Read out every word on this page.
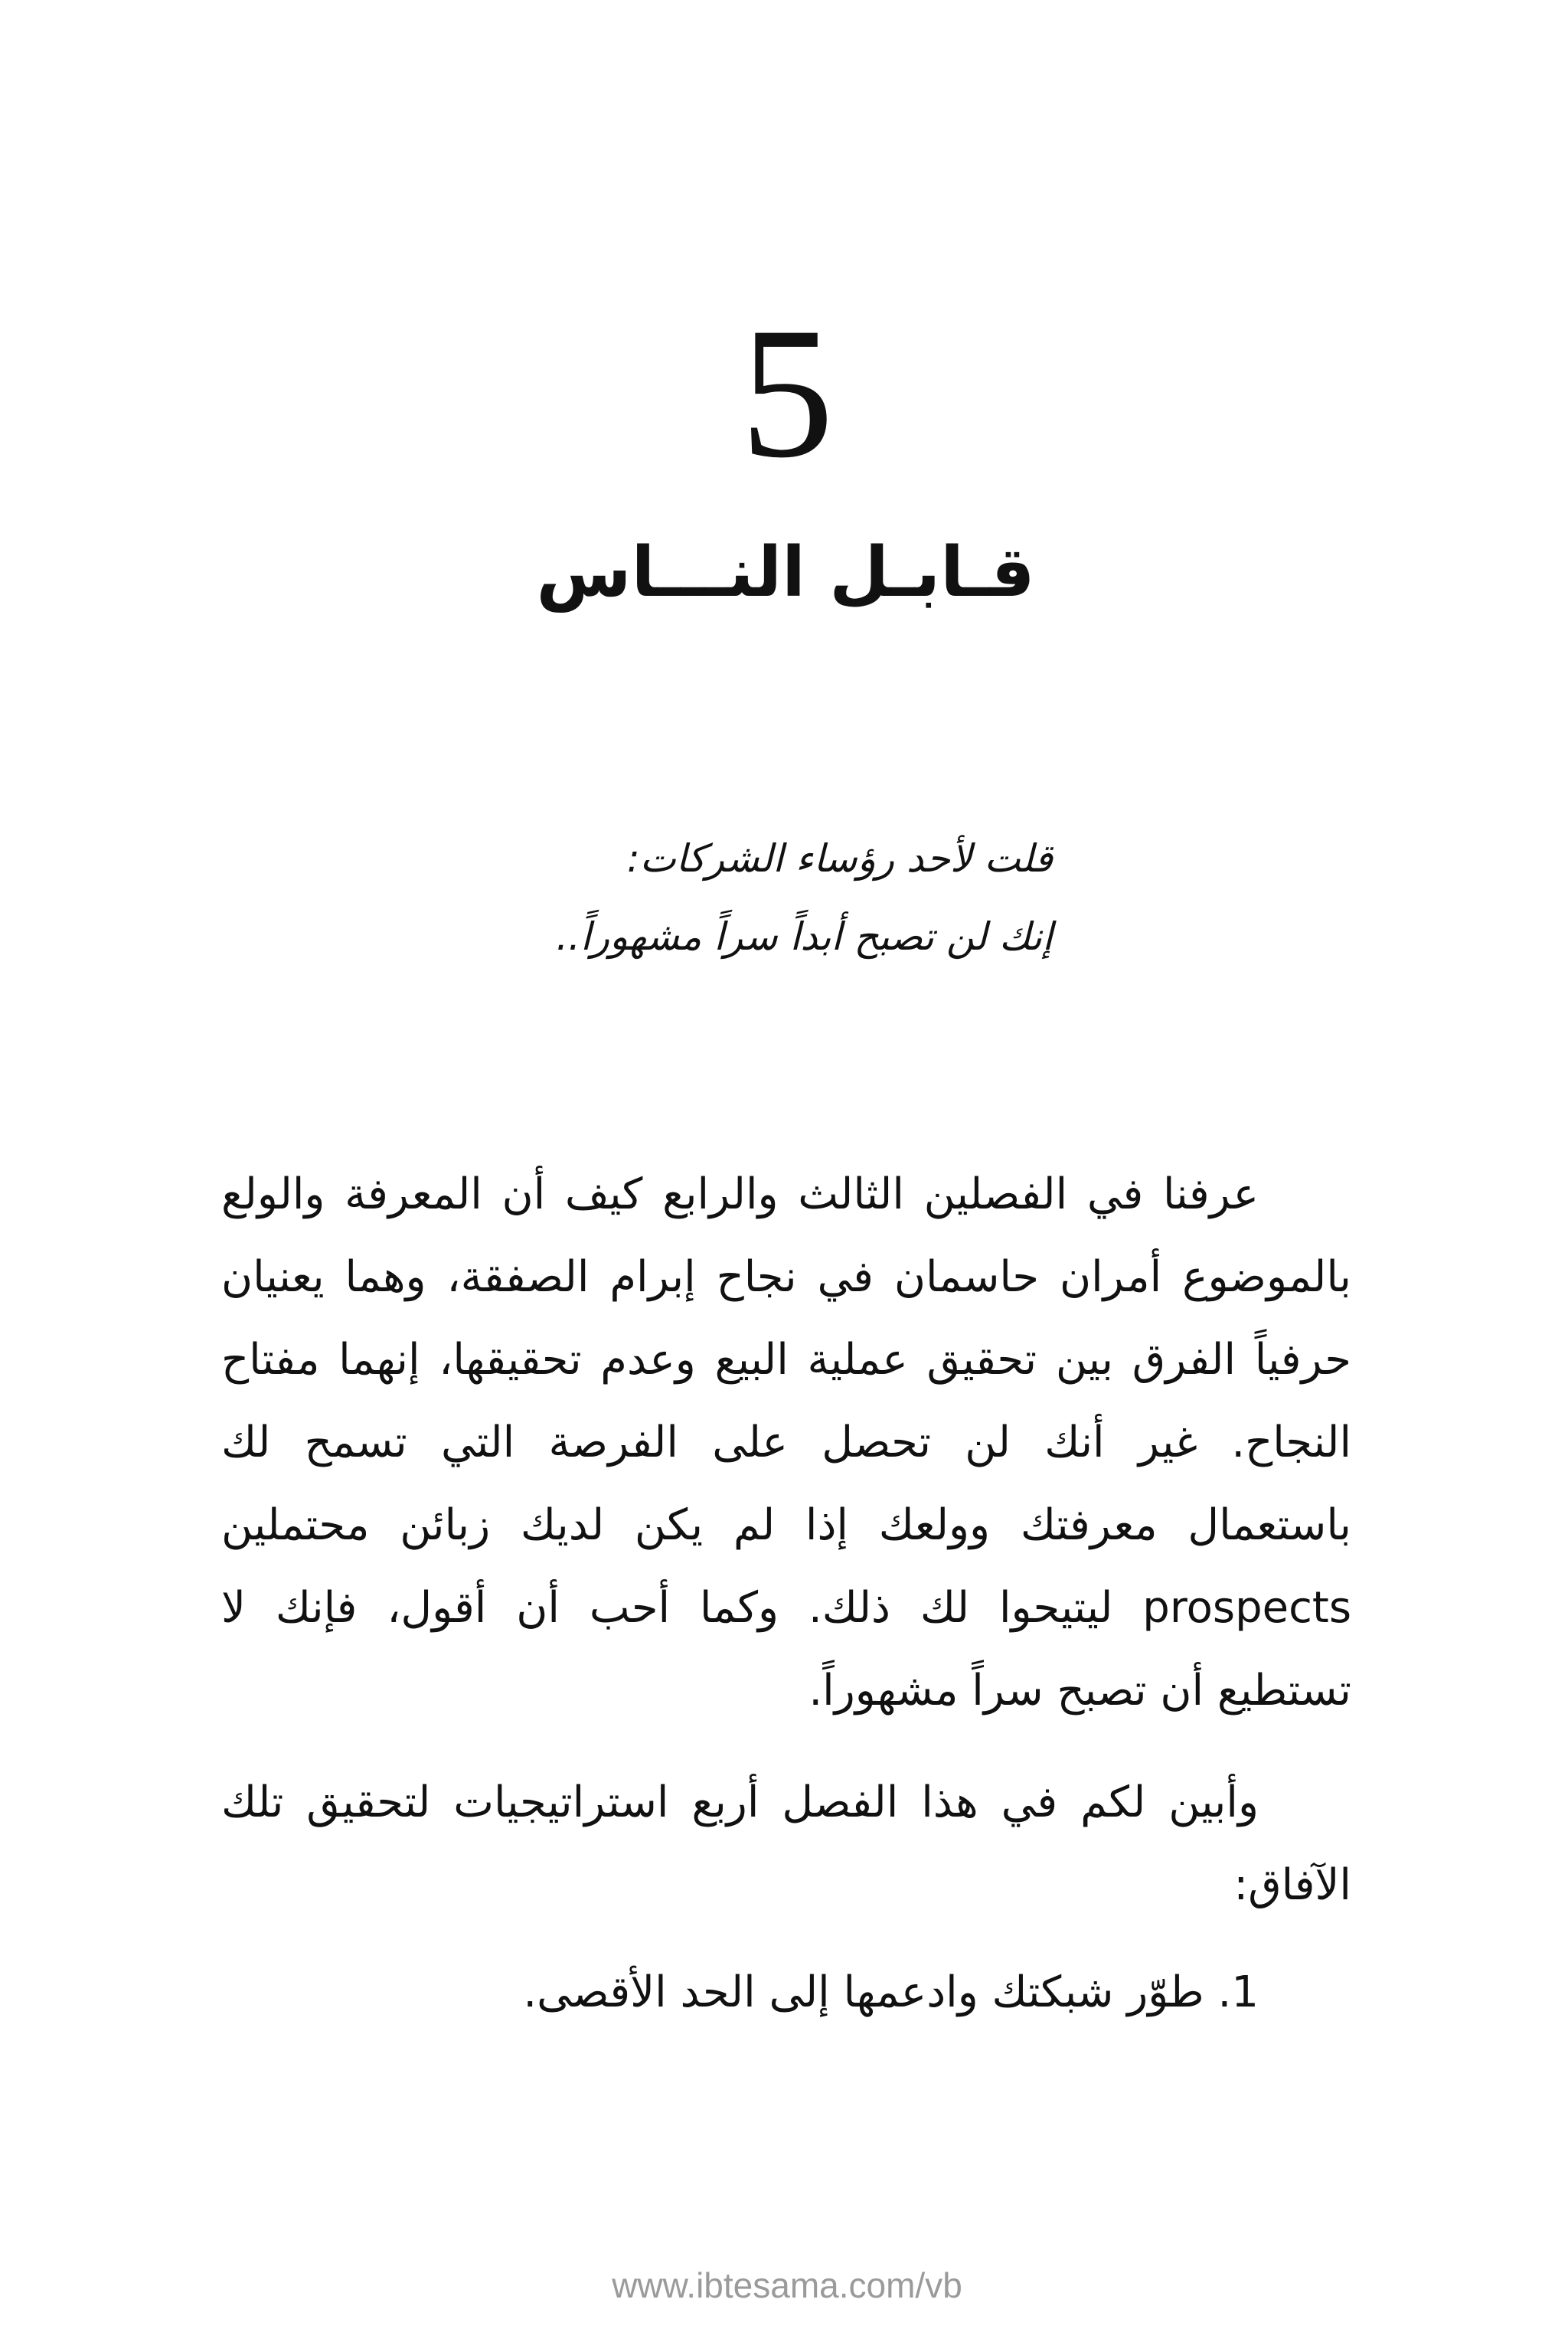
5
قـابـل النـــاس
قلت لأحد رؤساء الشركات:
إنك لن تصبح أبداً سراً مشهوراً..
عرفنا في الفصلين الثالث والرابع كيف أن المعرفة والولع
بالموضوع أمران حاسمان في نجاح إبرام الصفقة، وهما يعنيان
حرفياً الفرق بين تحقيق عملية البيع وعدم تحقيقها، إنهما مفتاح
النجاح. غير أنك لن تحصل على الفرصة التي تسمح لك
باستعمال معرفتك وولعك إذا لم يكن لديك زبائن محتملين
prospects ليتيحوا لك ذلك. وكما أحب أن أقول، فإنك لا
تستطيع أن تصبح سراً مشهوراً.
وأبين لكم في هذا الفصل أربع استراتيجيات لتحقيق تلك
الآفاق:
1. طوّر شبكتك وادعمها إلى الحد الأقصى.
www.ibtesama.com/vb
